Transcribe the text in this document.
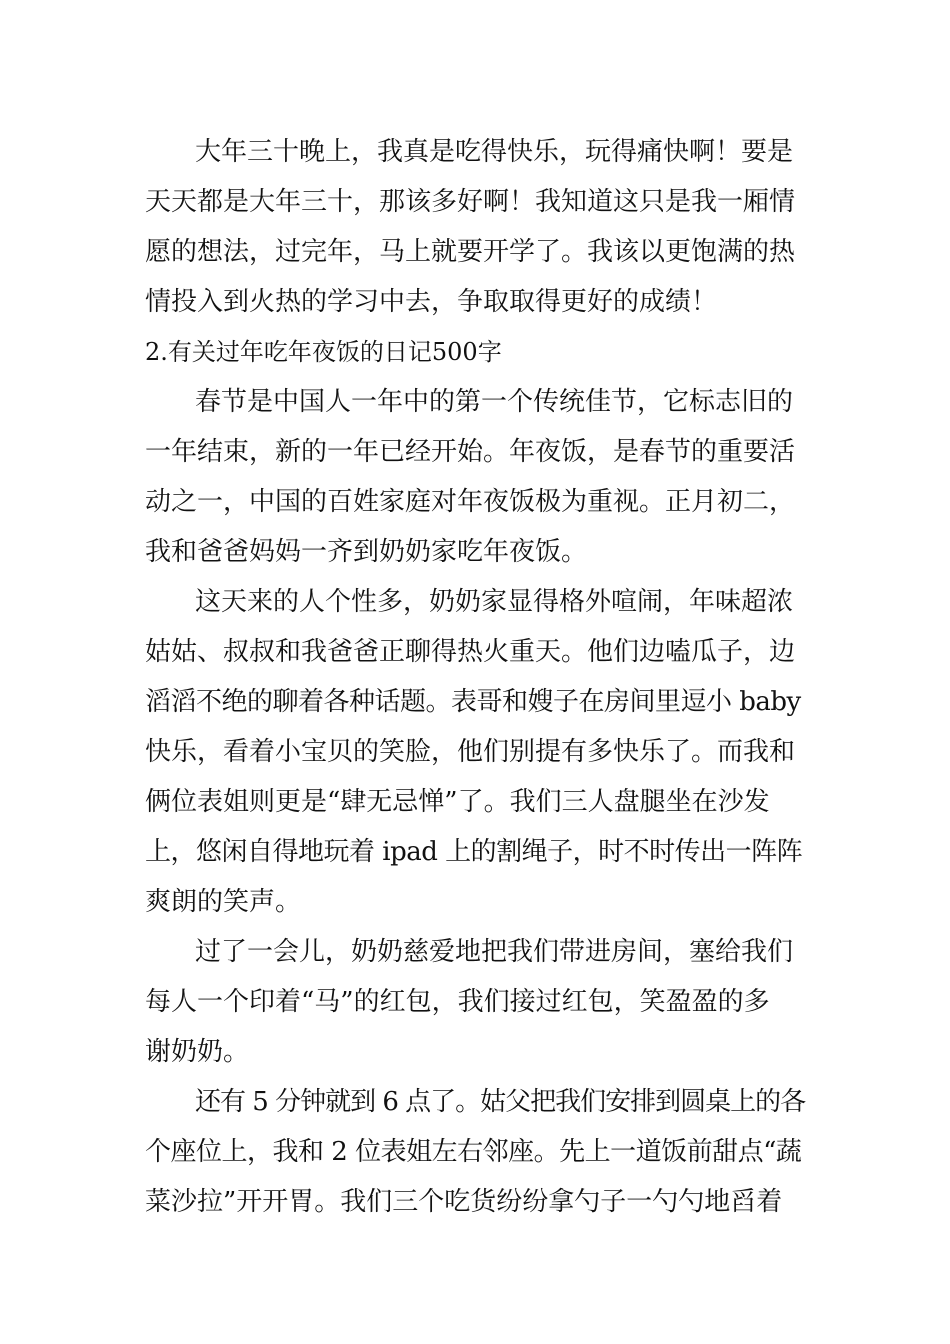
大年三十晚上，我真是吃得快乐，玩得痛快啊！要是
天天都是大年三十，那该多好啊！我知道这只是我一厢情
愿的想法，过完年，马上就要开学了。我该以更饱满的热
情投入到火热的学习中去，争取取得更好的成绩！
2.有关过年吃年夜饭的日记500字
春节是中国人一年中的第一个传统佳节，它标志旧的
一年结束，新的一年已经开始。年夜饭，是春节的重要活
动之一，中国的百姓家庭对年夜饭极为重视。正月初二，
我和爸爸妈妈一齐到奶奶家吃年夜饭。
这天来的人个性多，奶奶家显得格外喧闹，年味超浓
姑姑、叔叔和我爸爸正聊得热火重天。他们边嗑瓜子，边
滔滔不绝的聊着各种话题。表哥和嫂子在房间里逗小 baby
快乐，看着小宝贝的笑脸，他们别提有多快乐了。而我和
俩位表姐则更是“肆无忌惮”了。我们三人盘腿坐在沙发
上，悠闲自得地玩着 ipad 上的割绳子，时不时传出一阵阵
爽朗的笑声。
过了一会儿，奶奶慈爱地把我们带进房间，塞给我们
每人一个印着“马”的红包，我们接过红包，笑盈盈的多
谢奶奶。
还有 5 分钟就到 6 点了。姑父把我们安排到圆桌上的各
个座位上，我和 2 位表姐左右邻座。先上一道饭前甜点“蔬
菜沙拉”开开胃。我们三个吃货纷纷拿勺子一勺勺地舀着
